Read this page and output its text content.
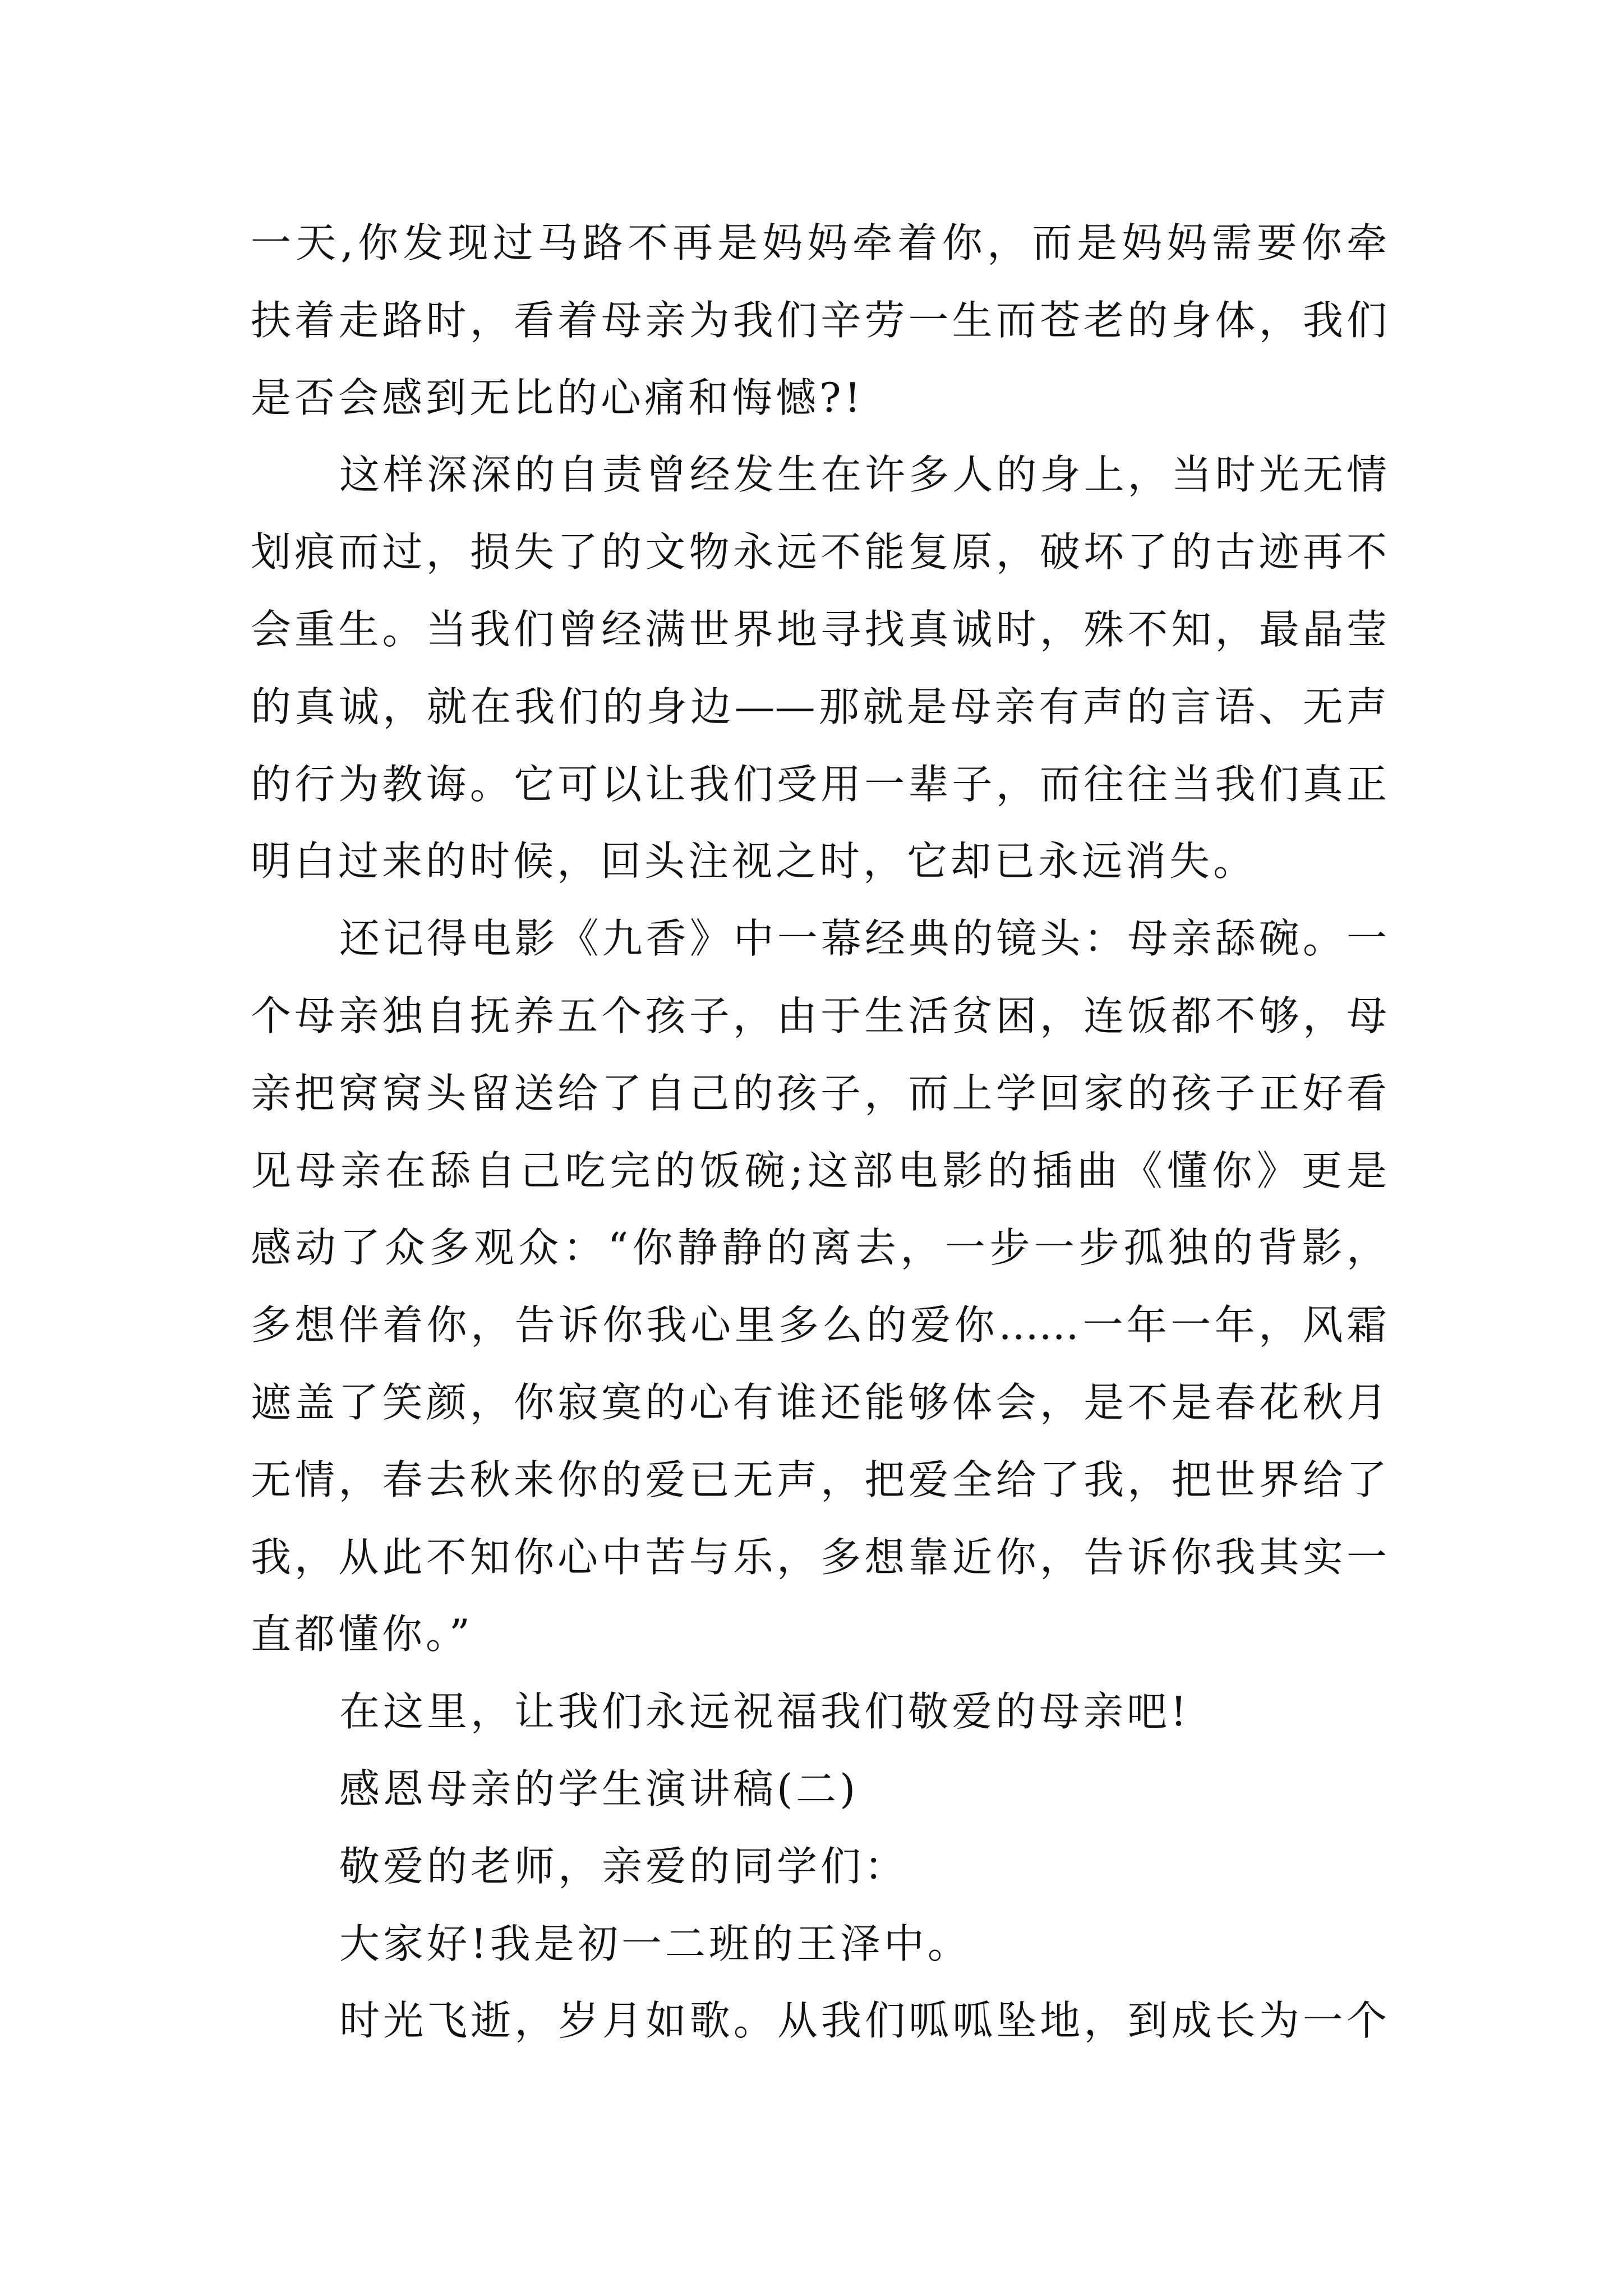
一天,你发现过马路不再是妈妈牵着你，而是妈妈需要你牵
扶着走路时，看着母亲为我们辛劳一生而苍老的身体，我们
是否会感到无比的心痛和悔憾?!
这样深深的自责曾经发生在许多人的身上，当时光无情
划痕而过，损失了的文物永远不能复原，破坏了的古迹再不
会重生。当我们曾经满世界地寻找真诚时，殊不知，最晶莹
的真诚，就在我们的身边——那就是母亲有声的言语、无声
的行为教诲。它可以让我们受用一辈子，而往往当我们真正
明白过来的时候，回头注视之时，它却已永远消失。
还记得电影《九香》中一幕经典的镜头：母亲舔碗。一
个母亲独自抚养五个孩子，由于生活贫困，连饭都不够，母
亲把窝窝头留送给了自己的孩子，而上学回家的孩子正好看
见母亲在舔自己吃完的饭碗;这部电影的插曲《懂你》更是
感动了众多观众：“你静静的离去，一步一步孤独的背影，
多想伴着你，告诉你我心里多么的爱你……一年一年，风霜
遮盖了笑颜，你寂寞的心有谁还能够体会，是不是春花秋月
无情，春去秋来你的爱已无声，把爱全给了我，把世界给了
我，从此不知你心中苦与乐，多想靠近你，告诉你我其实一
直都懂你。”
在这里，让我们永远祝福我们敬爱的母亲吧!
感恩母亲的学生演讲稿(二)
敬爱的老师，亲爱的同学们：
大家好!我是初一二班的王泽中。
时光飞逝，岁月如歌。从我们呱呱坠地，到成长为一个
